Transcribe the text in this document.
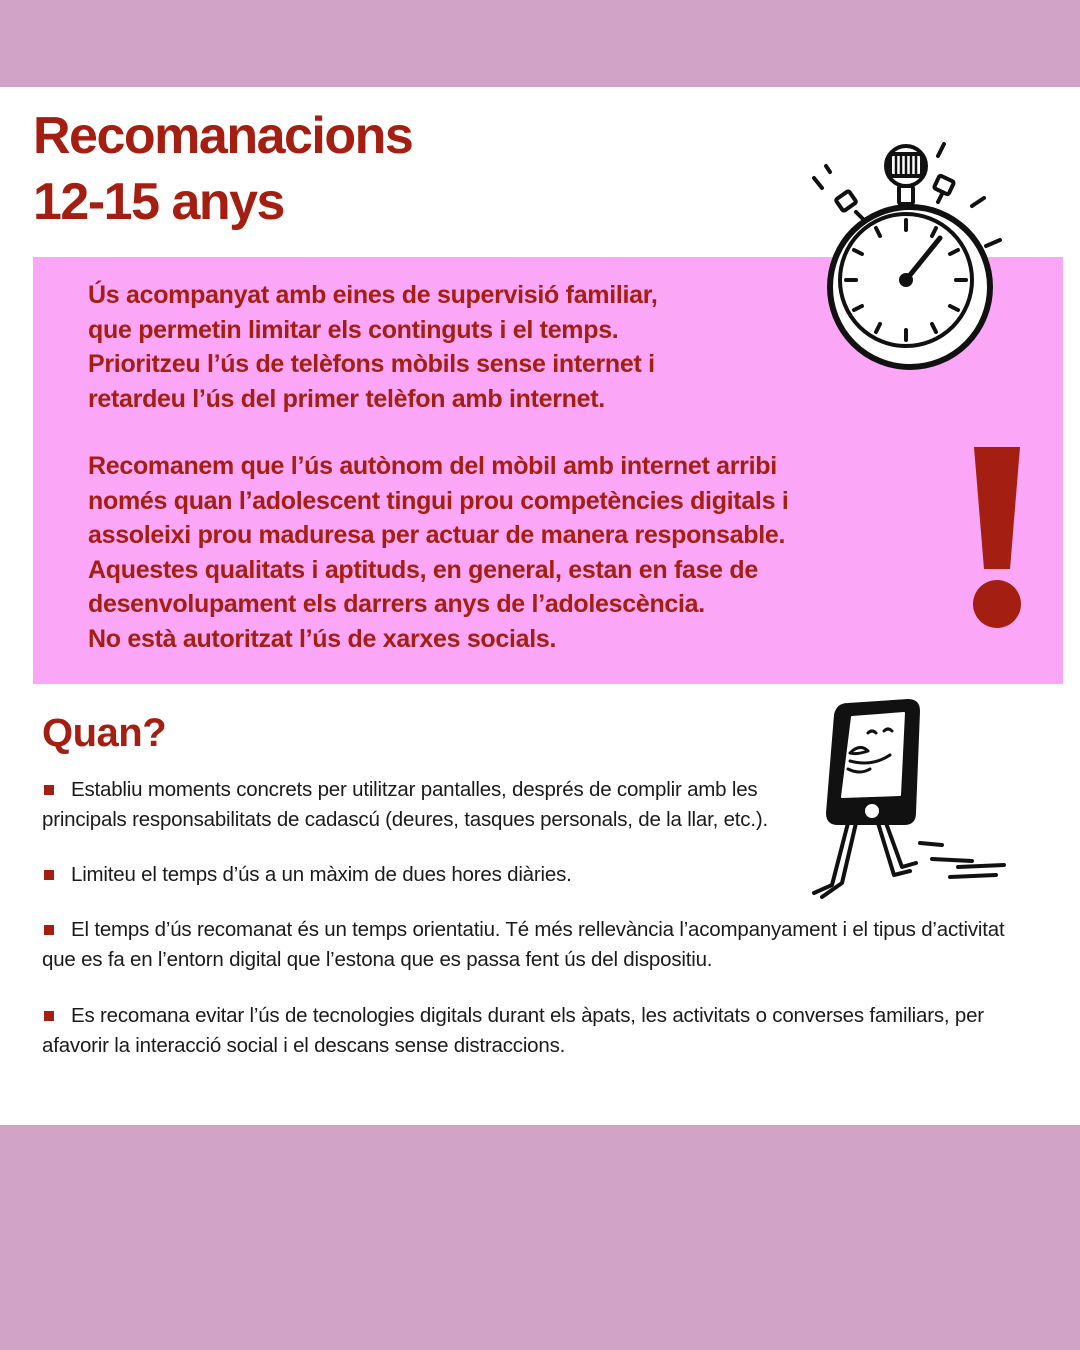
Recomanacions
12-15 anys

Ús acompanyat amb eines de supervisió familiar,
que permetin limitar els continguts i el temps.
Prioritzeu l’ús de telèfons mòbils sense internet i
retardeu l’ús del primer telèfon amb internet.

Recomanem que l’ús autònom del mòbil amb internet arribi
només quan l’adolescent tingui prou competències digitals i
assoleixi prou maduresa per actuar de manera responsable.
Aquestes qualitats i aptituds, en general, estan en fase de
desenvolupament els darrers anys de l’adolescència.
No està autoritzat l’ús de xarxes socials.

Quan?
Establiu moments concrets per utilitzar pantalles, després de complir amb les principals responsabilitats de cadascú (deures, tasques personals, de la llar, etc.).
Limiteu el temps d’ús a un màxim de dues hores diàries.
El temps d’ús recomanat és un temps orientatiu. Té més rellevància l’acompanyament i el tipus d’activitat que es fa en l’entorn digital que l’estona que es passa fent ús del dispositiu.
Es recomana evitar l’ús de tecnologies digitals durant els àpats, les activitats o converses familiars, per afavorir la interacció social i el descans sense distraccions.
